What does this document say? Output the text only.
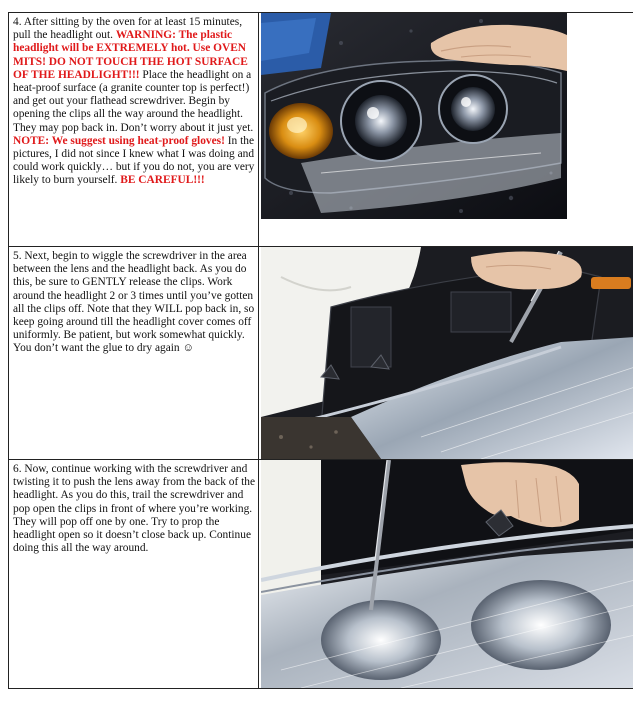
4. After sitting by the oven for at least 15 minutes, pull the headlight out. WARNING: The plastic headlight will be EXTREMELY hot. Use OVEN MITS! DO NOT TOUCH THE HOT SURFACE OF THE HEADLIGHT!!! Place the headlight on a heat-proof surface (a granite counter top is perfect!) and get out your flathead screwdriver. Begin by opening the clips all the way around the headlight. They may pop back in. Don’t worry about it just yet. NOTE: We suggest using heat-proof gloves! In the pictures, I did not since I knew what I was doing and could work quickly… but if you do not, you are very likely to burn yourself. BE CAREFUL!!!	

5. Next, begin to wiggle the screwdriver in the area between the lens and the headlight back. As you do this, be sure to GENTLY release the clips. Work around the headlight 2 or 3 times until you’ve gotten all the clips off. Note that they WILL pop back in, so keep going around till the headlight cover comes off uniformly. Be patient, but work somewhat quickly. You don’t want the glue to dry again ☺	

6. Now, continue working with the screwdriver and twisting it to push the lens away from the back of the headlight. As you do this, trail the screwdriver and pop open the clips in front of where you’re working. They will pop off one by one. Try to prop the headlight open so it doesn’t close back up. Continue doing this all the way around.	
